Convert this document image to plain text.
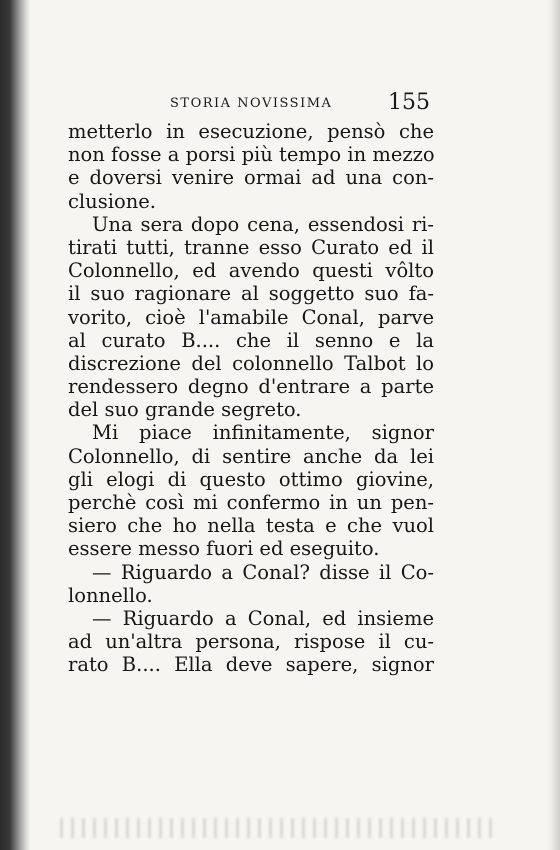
STORIA NOVISSIMA	155
metterlo in esecuzione, pensò che
non fosse a porsi più tempo in mezzo
e doversi venire ormai ad una con-
clusione.
Una sera dopo cena, essendosi ri-
tirati tutti, tranne esso Curato ed il
Colonnello, ed avendo questi vôlto
il suo ragionare al soggetto suo fa-
vorito, cioè l'amabile Conal, parve
al curato B.... che il senno e la
discrezione del colonnello Talbot lo
rendessero degno d'entrare a parte
del suo grande segreto.
Mi piace infinitamente, signor
Colonnello, di sentire anche da lei
gli elogi di questo ottimo giovine,
perchè così mi confermo in un pen-
siero che ho nella testa e che vuol
essere messo fuori ed eseguito.
— Riguardo a Conal? disse il Co-
lonnello.
— Riguardo a Conal, ed insieme
ad un'altra persona, rispose il cu-
rato B.... Ella deve sapere, signor
